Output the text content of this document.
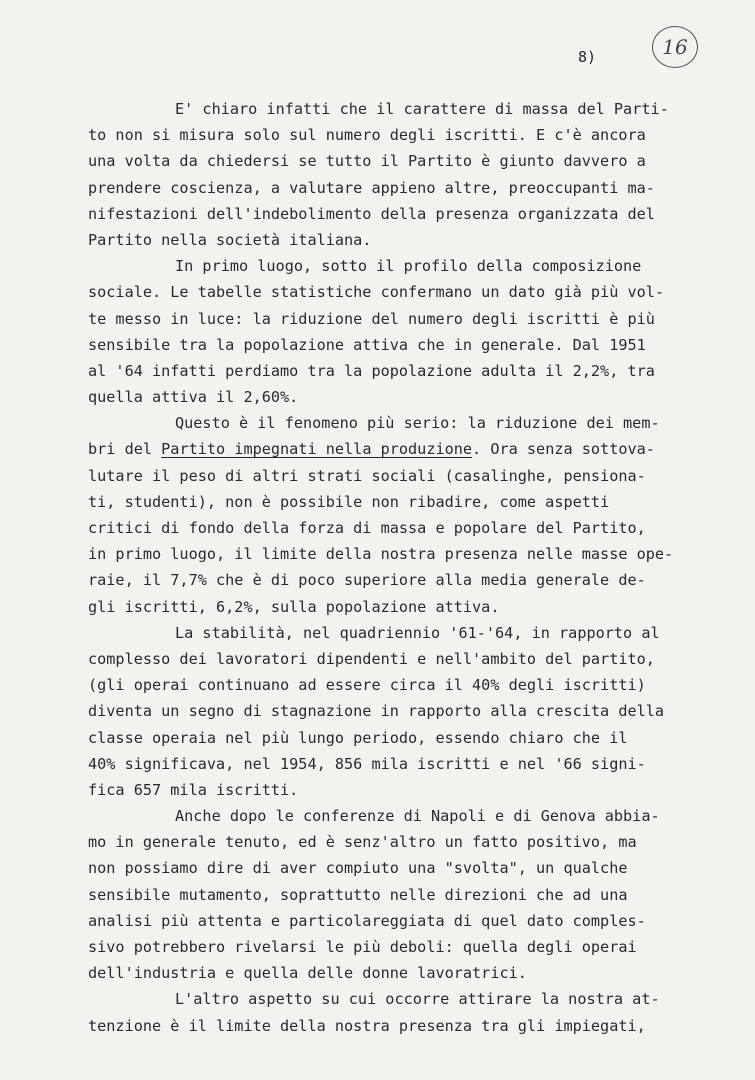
8)	16
E' chiaro infatti che il carattere di massa del Parti-
to non si misura solo sul numero degli iscritti. E c'è ancora
una volta da chiedersi se tutto il Partito è giunto davvero a
prendere coscienza, a valutare appieno altre, preoccupanti ma-
nifestazioni dell'indebolimento della presenza organizzata del
Partito nella società italiana.
In primo luogo, sotto il profilo della composizione
sociale. Le tabelle statistiche confermano un dato già più vol-
te messo in luce: la riduzione del numero degli iscritti è più
sensibile tra la popolazione attiva che in generale. Dal 1951
al '64 infatti perdiamo tra la popolazione adulta il 2,2%, tra
quella attiva il 2,60%.
Questo è il fenomeno più serio: la riduzione dei mem-
bri del Partito impegnati nella produzione. Ora senza sottova-
lutare il peso di altri strati sociali (casalinghe, pensiona-
ti, studenti), non è possibile non ribadire, come aspetti
critici di fondo della forza di massa e popolare del Partito,
in primo luogo, il limite della nostra presenza nelle masse ope-
raie, il 7,7% che è di poco superiore alla media generale de-
gli iscritti, 6,2%, sulla popolazione attiva.
La stabilità, nel quadriennio '61-'64, in rapporto al
complesso dei lavoratori dipendenti e nell'ambito del partito,
(gli operai continuano ad essere circa il 40% degli iscritti)
diventa un segno di stagnazione in rapporto alla crescita della
classe operaia nel più lungo periodo, essendo chiaro che il
40% significava, nel 1954, 856 mila iscritti e nel '66 signi-
fica 657 mila iscritti.
Anche dopo le conferenze di Napoli e di Genova abbia-
mo in generale tenuto, ed è senz'altro un fatto positivo, ma
non possiamo dire di aver compiuto una "svolta", un qualche
sensibile mutamento, soprattutto nelle direzioni che ad una
analisi più attenta e particolareggiata di quel dato comples-
sivo potrebbero rivelarsi le più deboli: quella degli operai
dell'industria e quella delle donne lavoratrici.
L'altro aspetto su cui occorre attirare la nostra at-
tenzione è il limite della nostra presenza tra gli impiegati,
